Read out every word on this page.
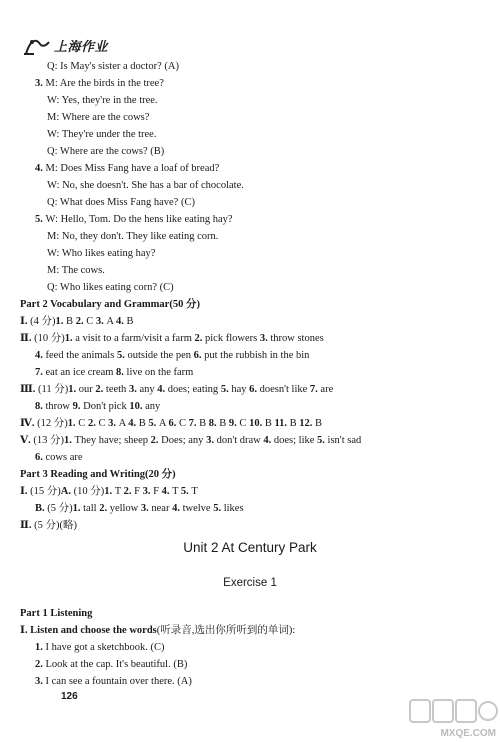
上海作业
Q: Is May's sister a doctor? (A)
3. M: Are the birds in the tree?
W: Yes, they're in the tree.
M: Where are the cows?
W: They're under the tree.
Q: Where are the cows? (B)
4. M: Does Miss Fang have a loaf of bread?
W: No, she doesn't. She has a bar of chocolate.
Q: What does Miss Fang have? (C)
5. W: Hello, Tom. Do the hens like eating hay?
M: No, they don't. They like eating corn.
W: Who likes eating hay?
M: The cows.
Q: Who likes eating corn? (C)
Part 2 Vocabulary and Grammar(50 分)
Ⅰ. (4 分)1. B 2. C 3. A 4. B
Ⅱ. (10 分)1. a visit to a farm/visit a farm 2. pick flowers 3. throw stones
4. feed the animals 5. outside the pen 6. put the rubbish in the bin
7. eat an ice cream 8. live on the farm
Ⅲ. (11 分)1. our 2. teeth 3. any 4. does; eating 5. hay 6. doesn't like 7. are
8. throw 9. Don't pick 10. any
Ⅳ. (12 分)1. C 2. C 3. A 4. B 5. A 6. C 7. B 8. B 9. C 10. B 11. B 12. B
Ⅴ. (13 分)1. They have; sheep 2. Does; any 3. don't draw 4. does; like 5. isn't sad
6. cows are
Part 3 Reading and Writing(20 分)
Ⅰ. (15 分)A. (10 分)1. T 2. F 3. F 4. T 5. T
B. (5 分)1. tall 2. yellow 3. near 4. twelve 5. likes
Ⅱ. (5 分)(略)
Part 1 Listening
Ⅰ. Listen and choose the words(听录音,选出你所听到的单词):
1. I have got a sketchbook. (C)
2. Look at the cap. It's beautiful. (B)
3. I can see a fountain over there. (A)
Unit 2 At Century Park
Exercise 1
126
MXQE.COM
